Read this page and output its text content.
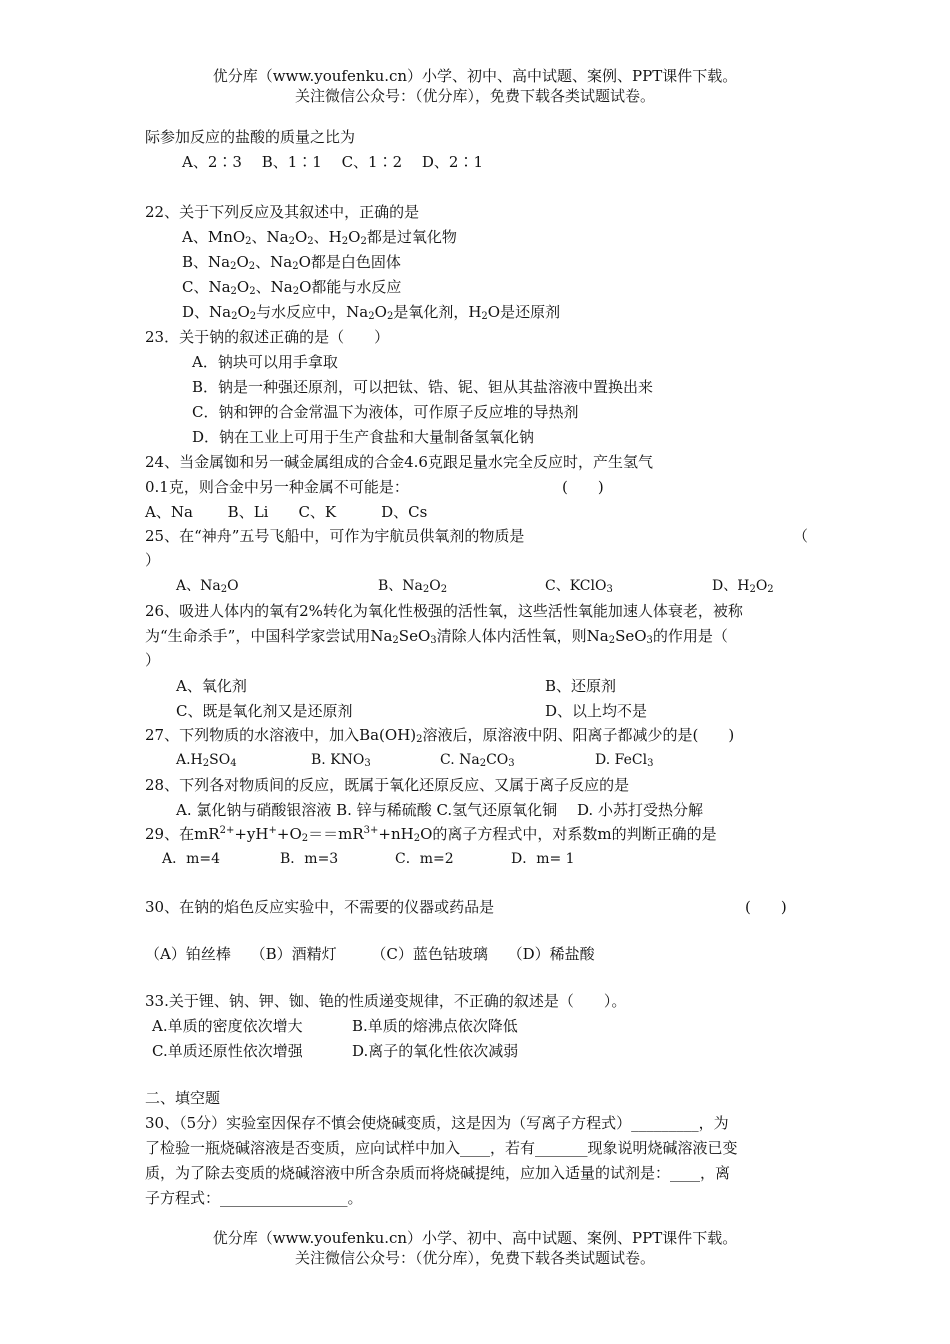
优分库（www.youfenku.cn）小学、初中、高中试题、案例、PPT课件下载。
关注微信公众号：（优分库），免费下载各类试题试卷。
际参加反应的盐酸的质量之比为
A、2∶3　 B、1∶1　 C、1∶2　 D、2∶1
22、关于下列反应及其叙述中，正确的是
A、MnO$_2$、$Na_2O_2$、$H_2O_2$都是过氧化物
B、$Na_2O_2$、$Na_2O$都是白色固体
C、$Na_2O_2$、$Na_2O$都能与水反应
D、$Na_2O_2$与水反应中，$Na_2O_2$是氧化剂，$H_2O$是还原剂
23．关于钠的叙述正确的是（　　）
A．钠块可以用手拿取
B．钠是一种强还原剂，可以把钛、锆、铌、钽从其盐溶液中置换出来
C．钠和钾的合金常温下为液体，可作原子反应堆的导热剂
D．钠在工业上可用于生产食盐和大量制备氢氧化钠
24、当金属铷和另一碱金属组成的合金4.6克跟足量水完全反应时，产生氢气
0.1克，则合金中另一种金属不可能是：	(　　)
A、Na　　 B、Li　　C、K　　　D、Cs
25、在“神舟”五号飞船中，可作为宇航员供氧剂的物质是	（
）
A、$Na_2O$	B、$Na_2O_2$	C、KClO$_3$	D、$H_2O_2$
26、吸进人体内的氧有2%转化为氧化性极强的活性氧，这些活性氧能加速人体衰老，被称
为“生命杀手”，中国科学家尝试用$Na_2SeO_3$清除人体内活性氧，则$Na_2SeO_3$的作用是（
）
A、氧化剂	B、还原剂
C、既是氧化剂又是还原剂	D、以上均不是
27、下列物质的水溶液中，加入$Ba(OH)_2$溶液后，原溶液中阴、阳离子都减少的是(　　)
$A.H_2SO_4$	B. $KNO_3$	C. $Na_2CO_3$	D. FeCl$_3$
28、下列各对物质间的反应，既属于氧化还原反应、又属于离子反应的是
A. 氯化钠与硝酸银溶液 B. 锌与稀硫酸 C.氢气还原氧化铜　 D. 小苏打受热分解
29、在$mR^{2+}+yH^++O_2==mR^{3+}+nH_2O$的离子方程式中，对系数m的判断正确的是
A．m=4	B．m=3	C．m=2	D．m= 1
30、在钠的焰色反应实验中，不需要的仪器或药品是	(　　)
（A）铂丝棒　 （B）酒精灯　　 （C）蓝色钴玻璃　 （D）稀盐酸
33.关于锂、钠、钾、铷、铯的性质递变规律，不正确的叙述是（　　）。
A.单质的密度依次增大	B.单质的熔沸点依次降低
C.单质还原性依次增强	D.离子的氧化性依次减弱
二、填空题
30、（5分）实验室因保存不慎会使烧碱变质，这是因为（写离子方程式）_________，为
了检验一瓶烧碱溶液是否变质，应向试样中加入____，若有_______现象说明烧碱溶液已变
质，为了除去变质的烧碱溶液中所含杂质而将烧碱提纯，应加入适量的试剂是：____，离
子方程式：_________________。
优分库（www.youfenku.cn）小学、初中、高中试题、案例、PPT课件下载。
关注微信公众号：（优分库），免费下载各类试题试卷。
